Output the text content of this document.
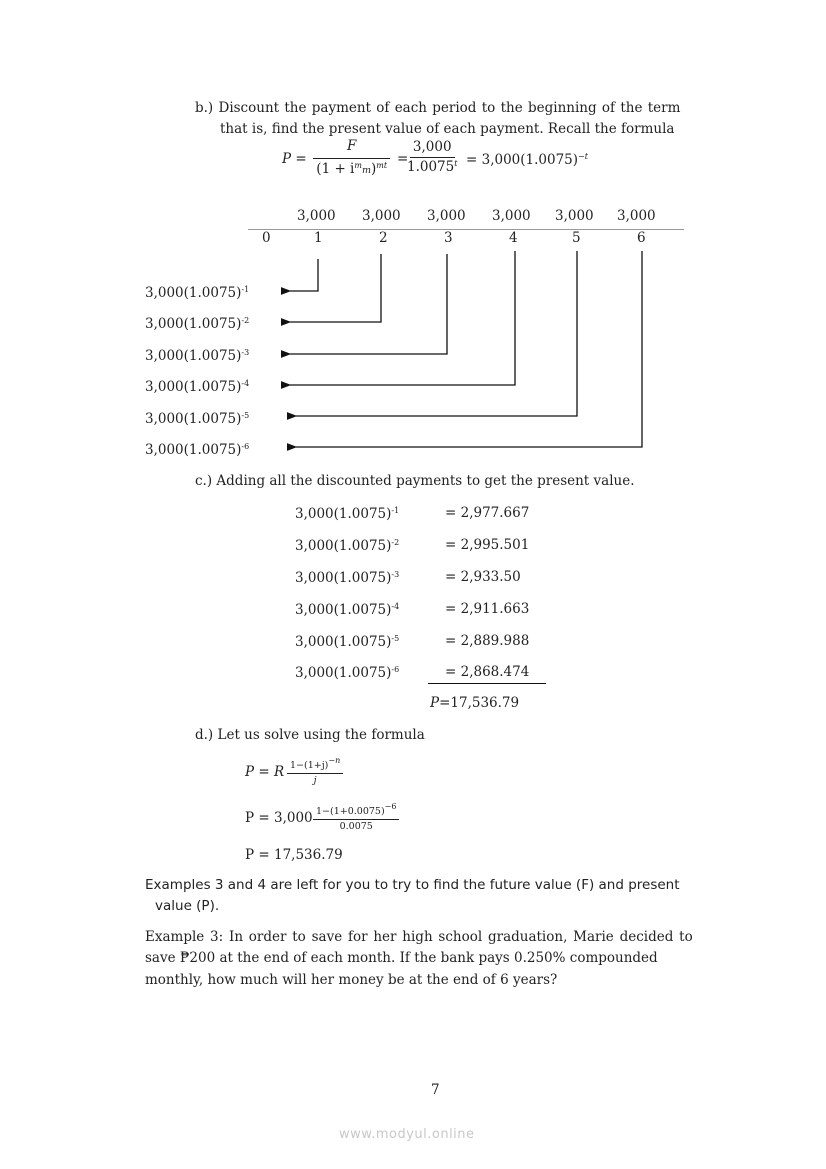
b.) Discount the payment of each period to the beginning of the term
that is, find the present value of each payment. Recall the formula
P =
F
$(1 + i^mm)^{mt}$ =
$\frac{3,000}{1.0075^t} = 3,000(1.0075)^{-t}$
3,000 3,000 3,000 3,000 3,000 3,000
0	1	2	3	4	5	6
$3,000(1.0075)^{-1}$
$3,000(1.0075)^{-2}$
$3,000(1.0075)^{-3}$
$3,000(1.0075)^{-4}$
$3,000(1.0075)^{-5}$
$3,000(1.0075)^{-6}$
c.) Adding all the discounted payments to get the present value.
$3,000(1.0075)^{-1}$	= 2,977.667
$3,000(1.0075)^{-2}$	= 2,995.501
$3,000(1.0075)^{-3}$	= 2,933.50
$3,000(1.0075)^{-4}$	= 2,911.663
$3,000(1.0075)^{-5}$	= 2,889.988
$3,000(1.0075)^{-6}$	= 2,868.474
P=17,536.79
d.) Let us solve using the formula
P = R $\frac{1-(1+j)^{-n}}{j}$
$P = 3,000 \frac{1-(1+0.0075)^{-6}}{0.0075}$
P = 17,536.79
Examples 3 and 4 are left for you to try to find the future value (F) and present
value (P).
Example 3: In order to save for her high school graduation, Marie decided to
save ₱200 at the end of each month. If the bank pays 0.250% compounded
monthly, how much will her money be at the end of 6 years?
7
www.modyul.online
